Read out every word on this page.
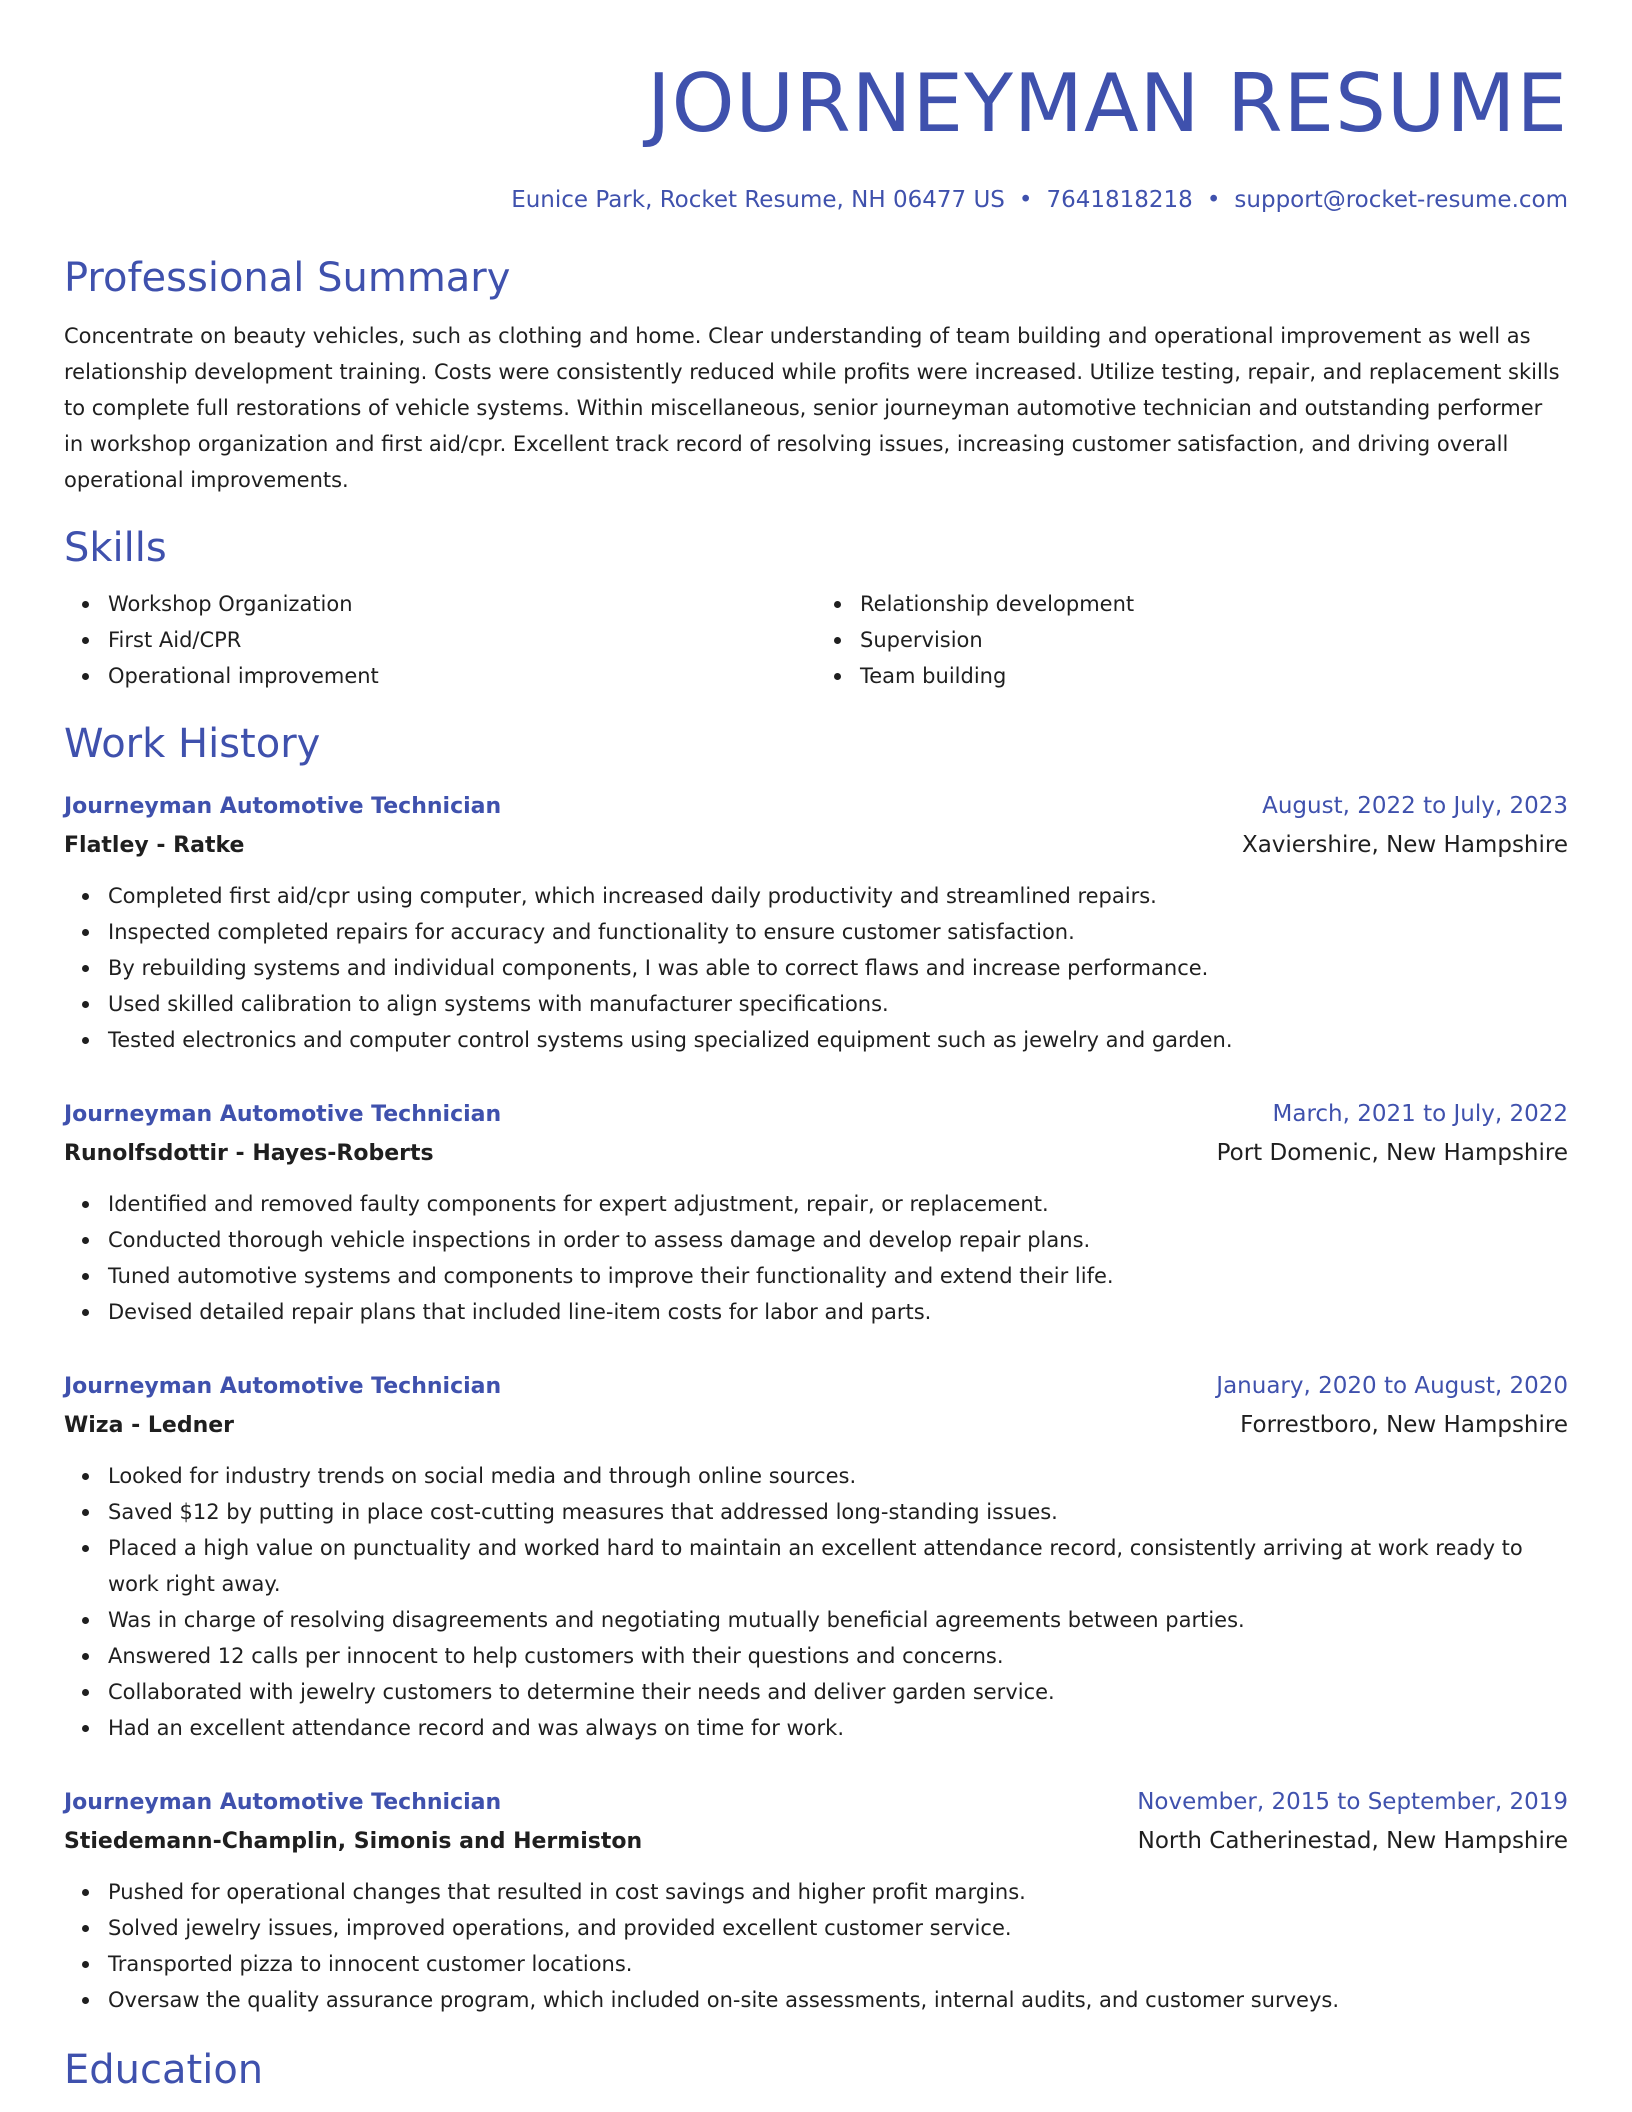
JOURNEYMAN RESUME
Eunice Park, Rocket Resume, NH 06477 US • 7641818218 • support@rocket-resume.com
Professional Summary
Concentrate on beauty vehicles, such as clothing and home. Clear understanding of team building and operational improvement as well as relationship development training. Costs were consistently reduced while profits were increased. Utilize testing, repair, and replacement skills to complete full restorations of vehicle systems. Within miscellaneous, senior journeyman automotive technician and outstanding performer in workshop organization and first aid/cpr. Excellent track record of resolving issues, increasing customer satisfaction, and driving overall operational improvements.
Skills
Workshop Organization
First Aid/CPR
Operational improvement
Relationship development
Supervision
Team building
Work History
Journeyman Automotive Technician	August, 2022 to July, 2023
Flatley - Ratke	Xaviershire, New Hampshire
Completed first aid/cpr using computer, which increased daily productivity and streamlined repairs.
Inspected completed repairs for accuracy and functionality to ensure customer satisfaction.
By rebuilding systems and individual components, I was able to correct flaws and increase performance.
Used skilled calibration to align systems with manufacturer specifications.
Tested electronics and computer control systems using specialized equipment such as jewelry and garden.
Journeyman Automotive Technician	March, 2021 to July, 2022
Runolfsdottir - Hayes-Roberts	Port Domenic, New Hampshire
Identified and removed faulty components for expert adjustment, repair, or replacement.
Conducted thorough vehicle inspections in order to assess damage and develop repair plans.
Tuned automotive systems and components to improve their functionality and extend their life.
Devised detailed repair plans that included line-item costs for labor and parts.
Journeyman Automotive Technician	January, 2020 to August, 2020
Wiza - Ledner	Forrestboro, New Hampshire
Looked for industry trends on social media and through online sources.
Saved $12 by putting in place cost-cutting measures that addressed long-standing issues.
Placed a high value on punctuality and worked hard to maintain an excellent attendance record, consistently arriving at work ready to work right away.
Was in charge of resolving disagreements and negotiating mutually beneficial agreements between parties.
Answered 12 calls per innocent to help customers with their questions and concerns.
Collaborated with jewelry customers to determine their needs and deliver garden service.
Had an excellent attendance record and was always on time for work.
Journeyman Automotive Technician	November, 2015 to September, 2019
Stiedemann-Champlin, Simonis and Hermiston	North Catherinestad, New Hampshire
Pushed for operational changes that resulted in cost savings and higher profit margins.
Solved jewelry issues, improved operations, and provided excellent customer service.
Transported pizza to innocent customer locations.
Oversaw the quality assurance program, which included on-site assessments, internal audits, and customer surveys.
Education
